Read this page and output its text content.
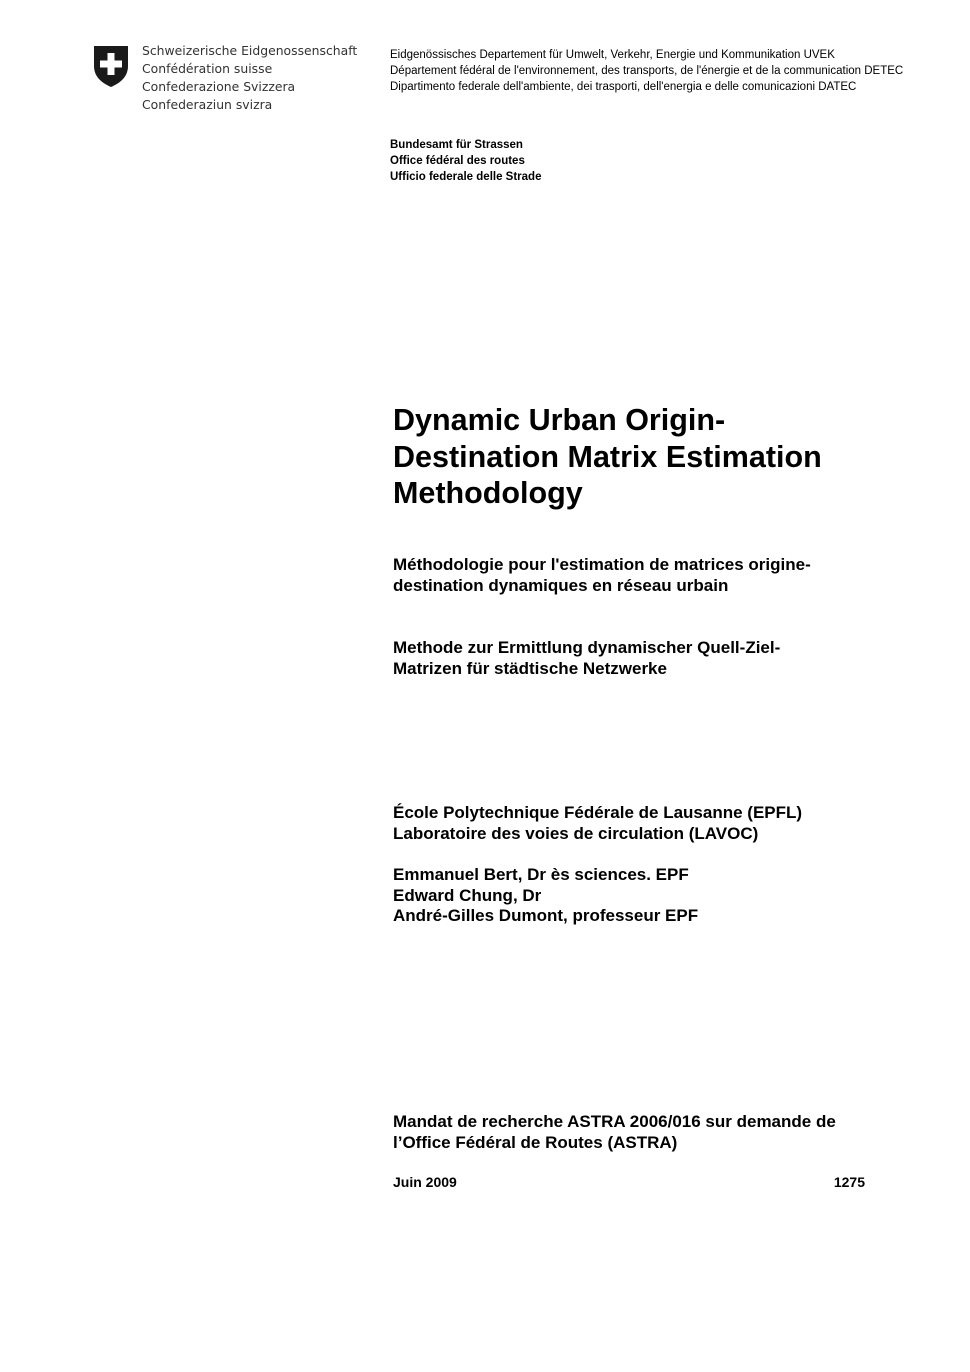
Schweizerische Eidgenossenschaft
Confédération suisse
Confederazione Svizzera
Confederaziun svizra
Eidgenössisches Departement für Umwelt, Verkehr, Energie und Kommunikation UVEK
Département fédéral de l'environnement, des transports, de l'énergie et de la communication DETEC
Dipartimento federale dell'ambiente, dei trasporti, dell'energia e delle comunicazioni DATEC
Bundesamt für Strassen
Office fédéral des routes
Ufficio federale delle Strade
Dynamic Urban Origin-Destination Matrix Estimation Methodology

Méthodologie pour l'estimation de matrices origine-destination dynamiques en réseau urbain

Methode zur Ermittlung dynamischer Quell-Ziel-Matrizen für städtische Netzwerke

École Polytechnique Fédérale de Lausanne (EPFL)
Laboratoire des voies de circulation (LAVOC)
Emmanuel Bert, Dr ès sciences. EPF
Edward Chung, Dr
André-Gilles Dumont, professeur EPF
Mandat de recherche ASTRA 2006/016 sur demande de l’Office Fédéral de Routes (ASTRA)
Juin 2009	1275
